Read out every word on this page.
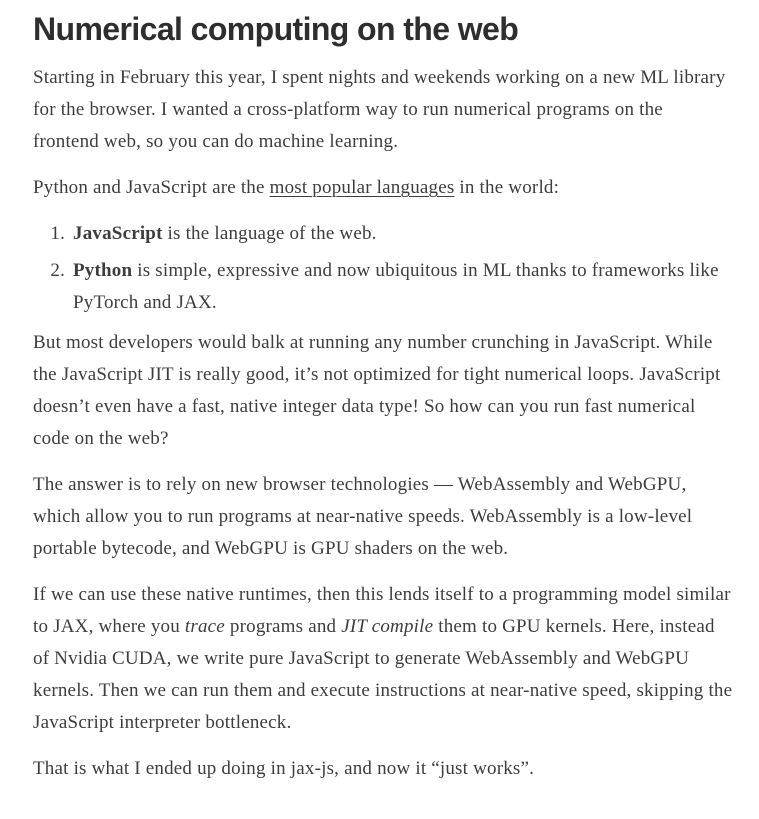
Numerical computing on the web

Starting in February this year, I spent nights and weekends working on a new ML library for the browser. I wanted a cross-platform way to run numerical programs on the frontend web, so you can do machine learning.

Python and JavaScript are the most popular languages in the world:

1. JavaScript is the language of the web.
2. Python is simple, expressive and now ubiquitous in ML thanks to frameworks like PyTorch and JAX.

But most developers would balk at running any number crunching in JavaScript. While the JavaScript JIT is really good, it’s not optimized for tight numerical loops. JavaScript doesn’t even have a fast, native integer data type! So how can you run fast numerical code on the web?

The answer is to rely on new browser technologies — WebAssembly and WebGPU, which allow you to run programs at near-native speeds. WebAssembly is a low-level portable bytecode, and WebGPU is GPU shaders on the web.

If we can use these native runtimes, then this lends itself to a programming model similar to JAX, where you trace programs and JIT compile them to GPU kernels. Here, instead of Nvidia CUDA, we write pure JavaScript to generate WebAssembly and WebGPU kernels. Then we can run them and execute instructions at near-native speed, skipping the JavaScript interpreter bottleneck.

That is what I ended up doing in jax-js, and now it “just works”.
